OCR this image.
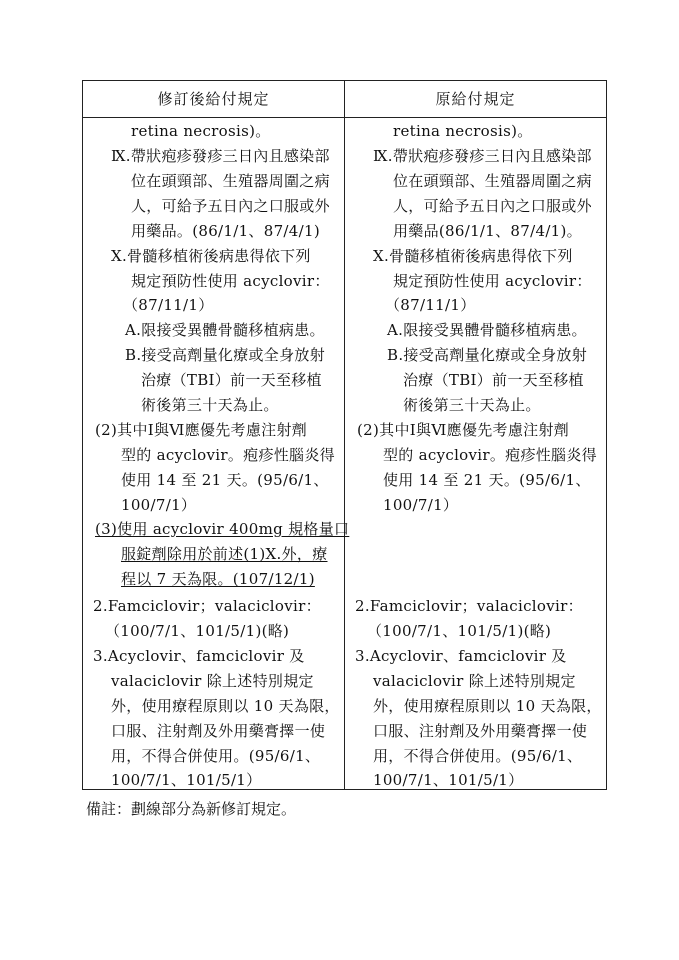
修訂後給付規定	原給付規定
retina necrosis)。
Ⅸ.帶狀疱疹發疹三日內且感染部
位在頭頸部、生殖器周圍之病
人，可給予五日內之口服或外
用藥品。(86/1/1、87/4/1)
Ⅹ.骨髓移植術後病患得依下列
規定預防性使用 acyclovir：
（87/11/1）
A.限接受異體骨髓移植病患。
B.接受高劑量化療或全身放射
治療（TBI）前一天至移植
術後第三十天為止。
(2)其中Ⅰ與Ⅵ應優先考慮注射劑
型的 acyclovir。疱疹性腦炎得
使用 14 至 21 天。(95/6/1、
100/7/1）
(3)使用 acyclovir 400mg 規格量口
服錠劑除用於前述(1)Ⅹ.外，療
程以 7 天為限。(107/12/1)
2.Famciclovir；valaciclovir：
（100/7/1、101/5/1)(略)
3.Acyclovir、famciclovir 及
valaciclovir 除上述特別規定
外，使用療程原則以 10 天為限，
口服、注射劑及外用藥膏擇一使
用，不得合併使用。(95/6/1、
100/7/1、101/5/1）
retina necrosis)。
Ⅸ.帶狀疱疹發疹三日內且感染部
位在頭頸部、生殖器周圍之病
人，可給予五日內之口服或外
用藥品(86/1/1、87/4/1)。
Ⅹ.骨髓移植術後病患得依下列
規定預防性使用 acyclovir：
（87/11/1）
A.限接受異體骨髓移植病患。
B.接受高劑量化療或全身放射
治療（TBI）前一天至移植
術後第三十天為止。
(2)其中Ⅰ與Ⅵ應優先考慮注射劑
型的 acyclovir。疱疹性腦炎得
使用 14 至 21 天。(95/6/1、
100/7/1）
2.Famciclovir；valaciclovir：
（100/7/1、101/5/1)(略)
3.Acyclovir、famciclovir 及
valaciclovir 除上述特別規定
外，使用療程原則以 10 天為限，
口服、注射劑及外用藥膏擇一使
用，不得合併使用。(95/6/1、
100/7/1、101/5/1）
備註：劃線部分為新修訂規定。
